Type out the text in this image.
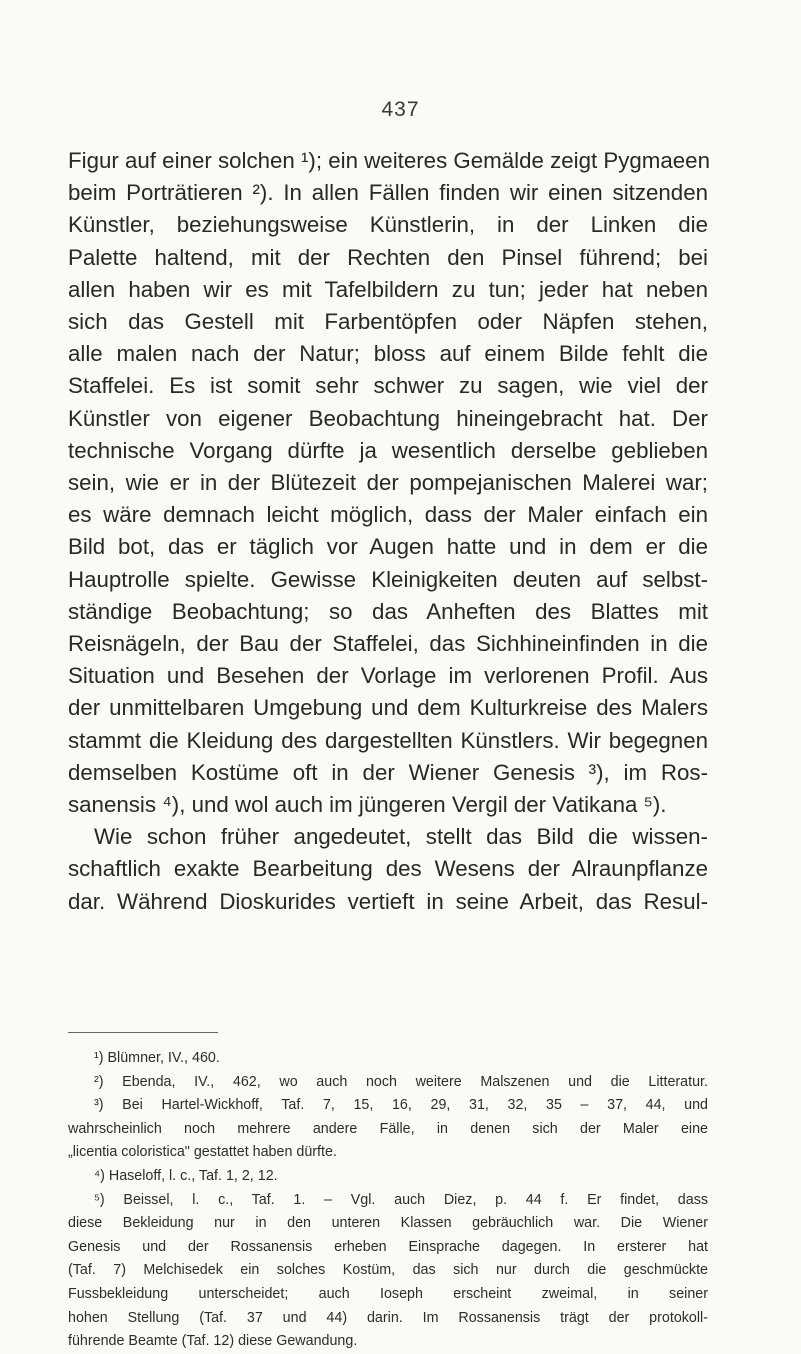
437
Figur auf einer solchen ¹); ein weiteres Gemälde zeigt Pygmaeen
beim Porträtieren ²). In allen Fällen finden wir einen sitzenden
Künstler, beziehungsweise Künstlerin, in der Linken die
Palette haltend, mit der Rechten den Pinsel führend; bei
allen haben wir es mit Tafelbildern zu tun; jeder hat neben
sich das Gestell mit Farbentöpfen oder Näpfen stehen,
alle malen nach der Natur; bloss auf einem Bilde fehlt die
Staffelei. Es ist somit sehr schwer zu sagen, wie viel der
Künstler von eigener Beobachtung hineingebracht hat. Der
technische Vorgang dürfte ja wesentlich derselbe geblieben
sein, wie er in der Blütezeit der pompejanischen Malerei war;
es wäre demnach leicht möglich, dass der Maler einfach ein
Bild bot, das er täglich vor Augen hatte und in dem er die
Hauptrolle spielte. Gewisse Kleinigkeiten deuten auf selbst-
ständige Beobachtung; so das Anheften des Blattes mit
Reisnägeln, der Bau der Staffelei, das Sichhineinfinden in die
Situation und Besehen der Vorlage im verlorenen Profil. Aus
der unmittelbaren Umgebung und dem Kulturkreise des Malers
stammt die Kleidung des dargestellten Künstlers. Wir begegnen
demselben Kostüme oft in der Wiener Genesis ³), im Ros-
sanensis ⁴), und wol auch im jüngeren Vergil der Vatikana ⁵).
Wie schon früher angedeutet, stellt das Bild die wissen-
schaftlich exakte Bearbeitung des Wesens der Alraunpflanze
dar. Während Dioskurides vertieft in seine Arbeit, das Resul-
¹) Blümner, IV., 460.
²) Ebenda, IV., 462, wo auch noch weitere Malszenen und die Litteratur.
³) Bei Hartel-Wickhoff, Taf. 7, 15, 16, 29, 31, 32, 35 – 37, 44, und
wahrscheinlich noch mehrere andere Fälle, in denen sich der Maler eine
„licentia coloristica" gestattet haben dürfte.
⁴) Haseloff, l. c., Taf. 1, 2, 12.
⁵) Beissel, l. c., Taf. 1. – Vgl. auch Diez, p. 44 f. Er findet, dass
diese Bekleidung nur in den unteren Klassen gebräuchlich war. Die Wiener
Genesis und der Rossanensis erheben Einsprache dagegen. In ersterer hat
(Taf. 7) Melchisedek ein solches Kostüm, das sich nur durch die geschmückte
Fussbekleidung unterscheidet; auch Ioseph erscheint zweimal, in seiner
hohen Stellung (Taf. 37 und 44) darin. Im Rossanensis trägt der protokoll-
führende Beamte (Taf. 12) diese Gewandung.
